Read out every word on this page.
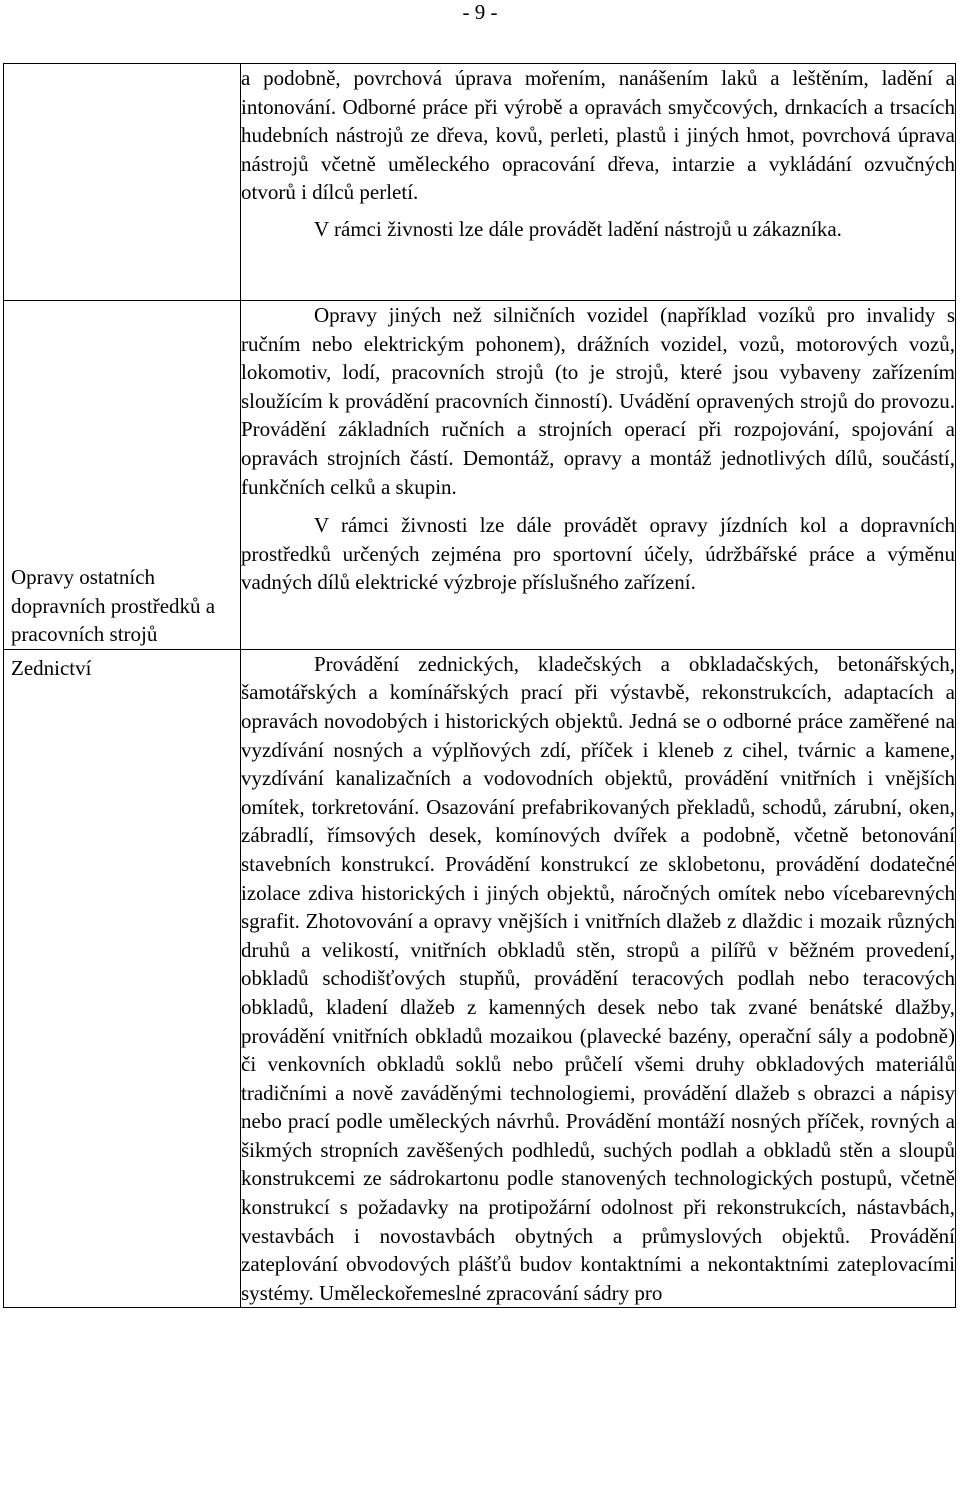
- 9 -

	a podobně, povrchová úprava mořením, nanášením laků a leštěním, ladění a intonování. Odborné práce při výrobě a opravách smyčcových, drnkacích a trsacích hudebních nástrojů ze dřeva, kovů, perleti, plastů i jiných hmot, povrchová úprava nástrojů včetně uměleckého opracování dřeva, intarzie a vykládání ozvučných otvorů i dílců perletí.

V rámci živnosti lze dále provádět ladění nástrojů u zákazníka.

Opravy ostatních dopravních prostředků a pracovních strojů	Opravy jiných než silničních vozidel (například vozíků pro invalidy s ručním nebo elektrickým pohonem), drážních vozidel, vozů, motorových vozů, lokomotiv, lodí, pracovních strojů (to je strojů, které jsou vybaveny zařízením sloužícím k provádění pracovních činností). Uvádění opravených strojů do provozu. Provádění základních ručních a strojních operací při rozpojování, spojování a opravách strojních částí. Demontáž, opravy a montáž jednotlivých dílů, součástí, funkčních celků a skupin.

V rámci živnosti lze dále provádět opravy jízdních kol a dopravních prostředků určených zejména pro sportovní účely, údržbářské práce a výměnu vadných dílů elektrické výzbroje příslušného zařízení.

Zednictví	Provádění zednických, kladečských a obkladačských, betonářských, šamotářských a komínářských prací při výstavbě, rekonstrukcích, adaptacích a opravách novodobých i historických objektů. Jedná se o odborné práce zaměřené na vyzdívání nosných a výplňových zdí, příček i kleneb z cihel, tvárnic a kamene, vyzdívání kanalizačních a vodovodních objektů, provádění vnitřních i vnějších omítek, torkretování. Osazování prefabrikovaných překladů, schodů, zárubní, oken, zábradlí, římsových desek, komínových dvířek a podobně, včetně betonování stavebních konstrukcí. Provádění konstrukcí ze sklobetonu, provádění dodatečné izolace zdiva historických i jiných objektů, náročných omítek nebo vícebarevných sgrafit. Zhotovování a opravy vnějších i vnitřních dlažeb z dlaždic i mozaik různých druhů a velikostí, vnitřních obkladů stěn, stropů a pilířů v běžném provedení, obkladů schodišťových stupňů, provádění teracových podlah nebo teracových obkladů, kladení dlažeb z kamenných desek nebo tak zvané benátské dlažby, provádění vnitřních obkladů mozaikou (plavecké bazény, operační sály a podobně) či venkovních obkladů soklů nebo průčelí všemi druhy obkladových materiálů tradičními a nově zaváděnými technologiemi, provádění dlažeb s obrazci a nápisy nebo prací podle uměleckých návrhů. Provádění montáží nosných příček, rovných a šikmých stropních zavěšených podhledů, suchých podlah a obkladů stěn a sloupů konstrukcemi ze sádrokartonu podle stanovených technologických postupů, včetně konstrukcí s požadavky na protipožární odolnost při rekonstrukcích, nástavbách, vestavbách i novostavbách obytných a průmyslových objektů. Provádění zateplování obvodových plášťů budov kontaktními a nekontaktními zateplovacími systémy. Uměleckořemeslné zpracování sádry pro
